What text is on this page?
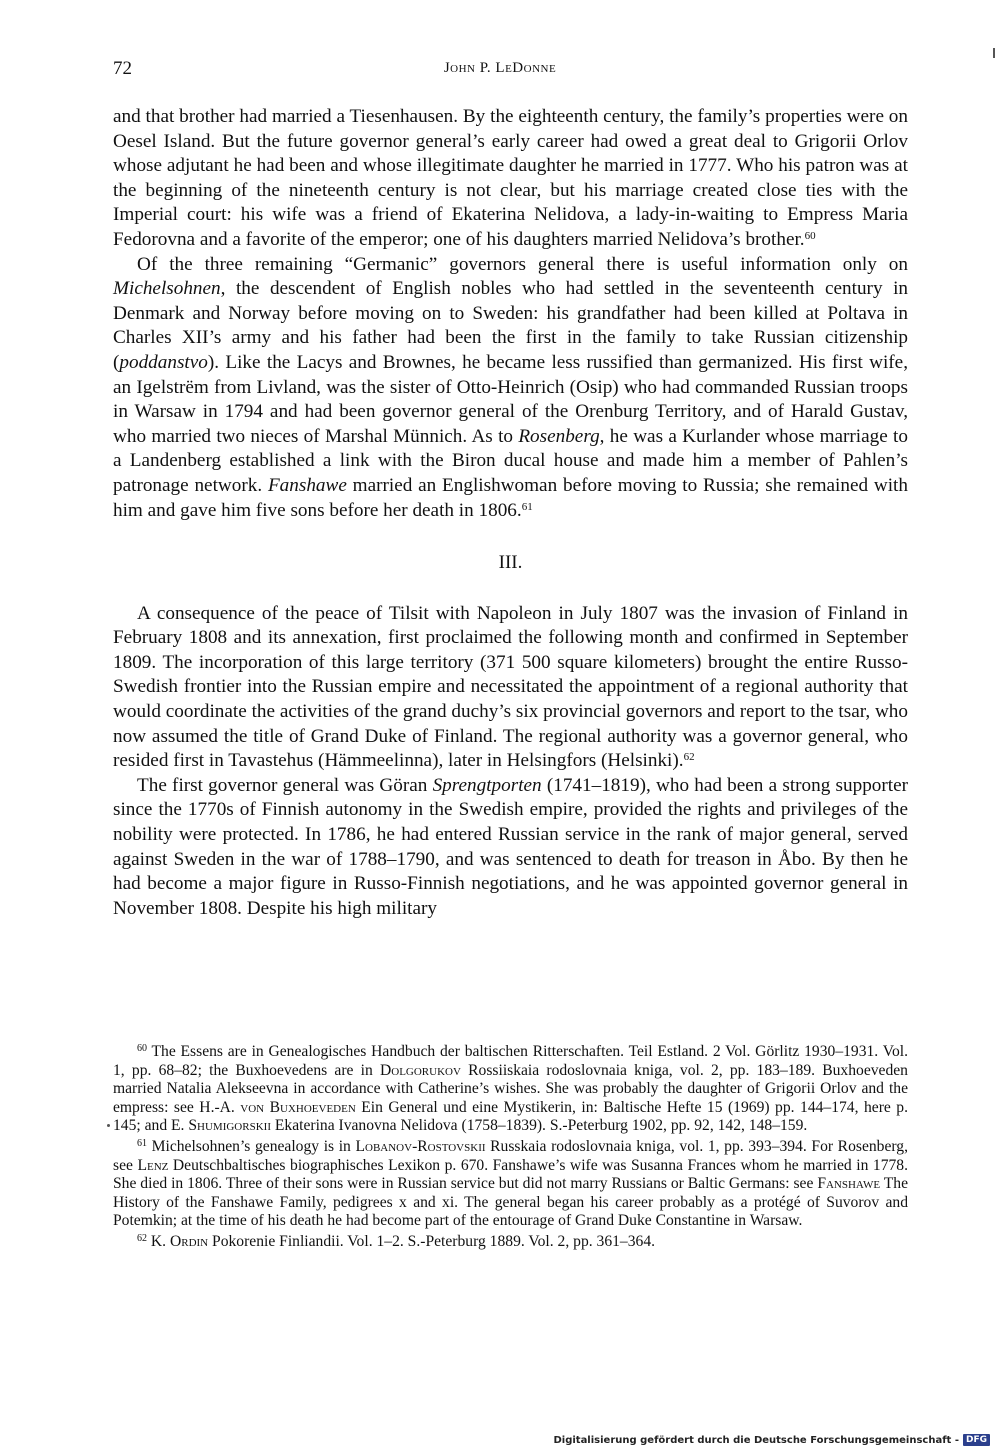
72	John P. LeDonne

and that brother had married a Tiesenhausen. By the eighteenth century, the family’s properties were on Oesel Island. But the future governor general’s early career had owed a great deal to Grigorii Orlov whose adjutant he had been and whose illegitimate daughter he married in 1777. Who his patron was at the beginning of the nineteenth century is not clear, but his marriage created close ties with the Imperial court: his wife was a friend of Ekaterina Nelidova, a lady-in-waiting to Empress Maria Fedorovna and a favorite of the emperor; one of his daughters married Nelidova’s brother.$^{60}$

Of the three remaining “Germanic” governors general there is useful information only on Michelsohnen, the descendent of English nobles who had settled in the seventeenth century in Denmark and Norway before moving on to Sweden: his grandfather had been killed at Poltava in Charles XII’s army and his father had been the first in the family to take Russian citizenship (poddanstvo). Like the Lacys and Brownes, he became less russified than germanized. His first wife, an Igelstrëm from Livland, was the sister of Otto-Heinrich (Osip) who had commanded Russian troops in Warsaw in 1794 and had been governor general of the Orenburg Territory, and of Harald Gustav, who married two nieces of Marshal Münnich. As to Rosenberg, he was a Kurlander whose marriage to a Landenberg established a link with the Biron ducal house and made him a member of Pahlen’s patronage network. Fanshawe married an Englishwoman before moving to Russia; she remained with him and gave him five sons before her death in 1806.61

III.

A consequence of the peace of Tilsit with Napoleon in July 1807 was the invasion of Finland in February 1808 and its annexation, first proclaimed the following month and confirmed in September 1809. The incorporation of this large territory (371 500 square kilometers) brought the entire Russo-Swedish frontier into the Russian empire and necessitated the appointment of a regional authority that would coordinate the activities of the grand duchy’s six provincial governors and report to the tsar, who now assumed the title of Grand Duke of Finland. The regional authority was a governor general, who resided first in Tavastehus (Hämmeelinna), later in Helsingfors (Helsinki).$^{62}$

The first governor general was Göran Sprengtporten (1741–1819), who had been a strong supporter since the 1770s of Finnish autonomy in the Swedish empire, provided the rights and privileges of the nobility were protected. In 1786, he had entered Russian service in the rank of major general, served against Sweden in the war of 1788–1790, and was sentenced to death for treason in Åbo. By then he had become a major figure in Russo-Finnish negotiations, and he was appointed governor general in November 1808. Despite his high military

$^{60}$ The Essens are in Genealogisches Handbuch der baltischen Ritterschaften. Teil Estland. 2 Vol. Görlitz 1930–1931. Vol. 1, pp. 68–82; the Buxhoevedens are in Dolgorukov Rossiiskaia rodoslovnaia kniga, vol. 2, pp. 183–189. Buxhoeveden married Natalia Alekseevna in accordance with Catherine’s wishes. She was probably the daughter of Grigorii Orlov and the empress: see H.-A. von Buxhoeveden Ein General und eine Mystikerin, in: Baltische Hefte 15 (1969) pp. 144–174, here p. 145; and E. Shumigorskii Ekaterina Ivanovna Nelidova (1758–1839). S.-Peterburg 1902, pp. 92, 142, 148–159.

$^{61}$ Michelsohnen’s genealogy is in Lobanov-Rostovskii Russkaia rodoslovnaia kniga, vol. 1, pp. 393–394. For Rosenberg, see Lenz Deutschbaltisches biographisches Lexikon p. 670. Fanshawe’s wife was Susanna Frances whom he married in 1778. She died in 1806. Three of their sons were in Russian service but did not marry Russians or Baltic Germans: see Fanshawe The History of the Fanshawe Family, pedigrees x and xi. The general began his career probably as a protégé of Suvorov and Potemkin; at the time of his death he had become part of the entourage of Grand Duke Constantine in Warsaw.

$^{62}$ K. Ordin Pokorenie Finliandii. Vol. 1–2. S.-Peterburg 1889. Vol. 2, pp. 361–364.

Digitalisierung gefördert durch die Deutsche Forschungsgemeinschaft - DFG
